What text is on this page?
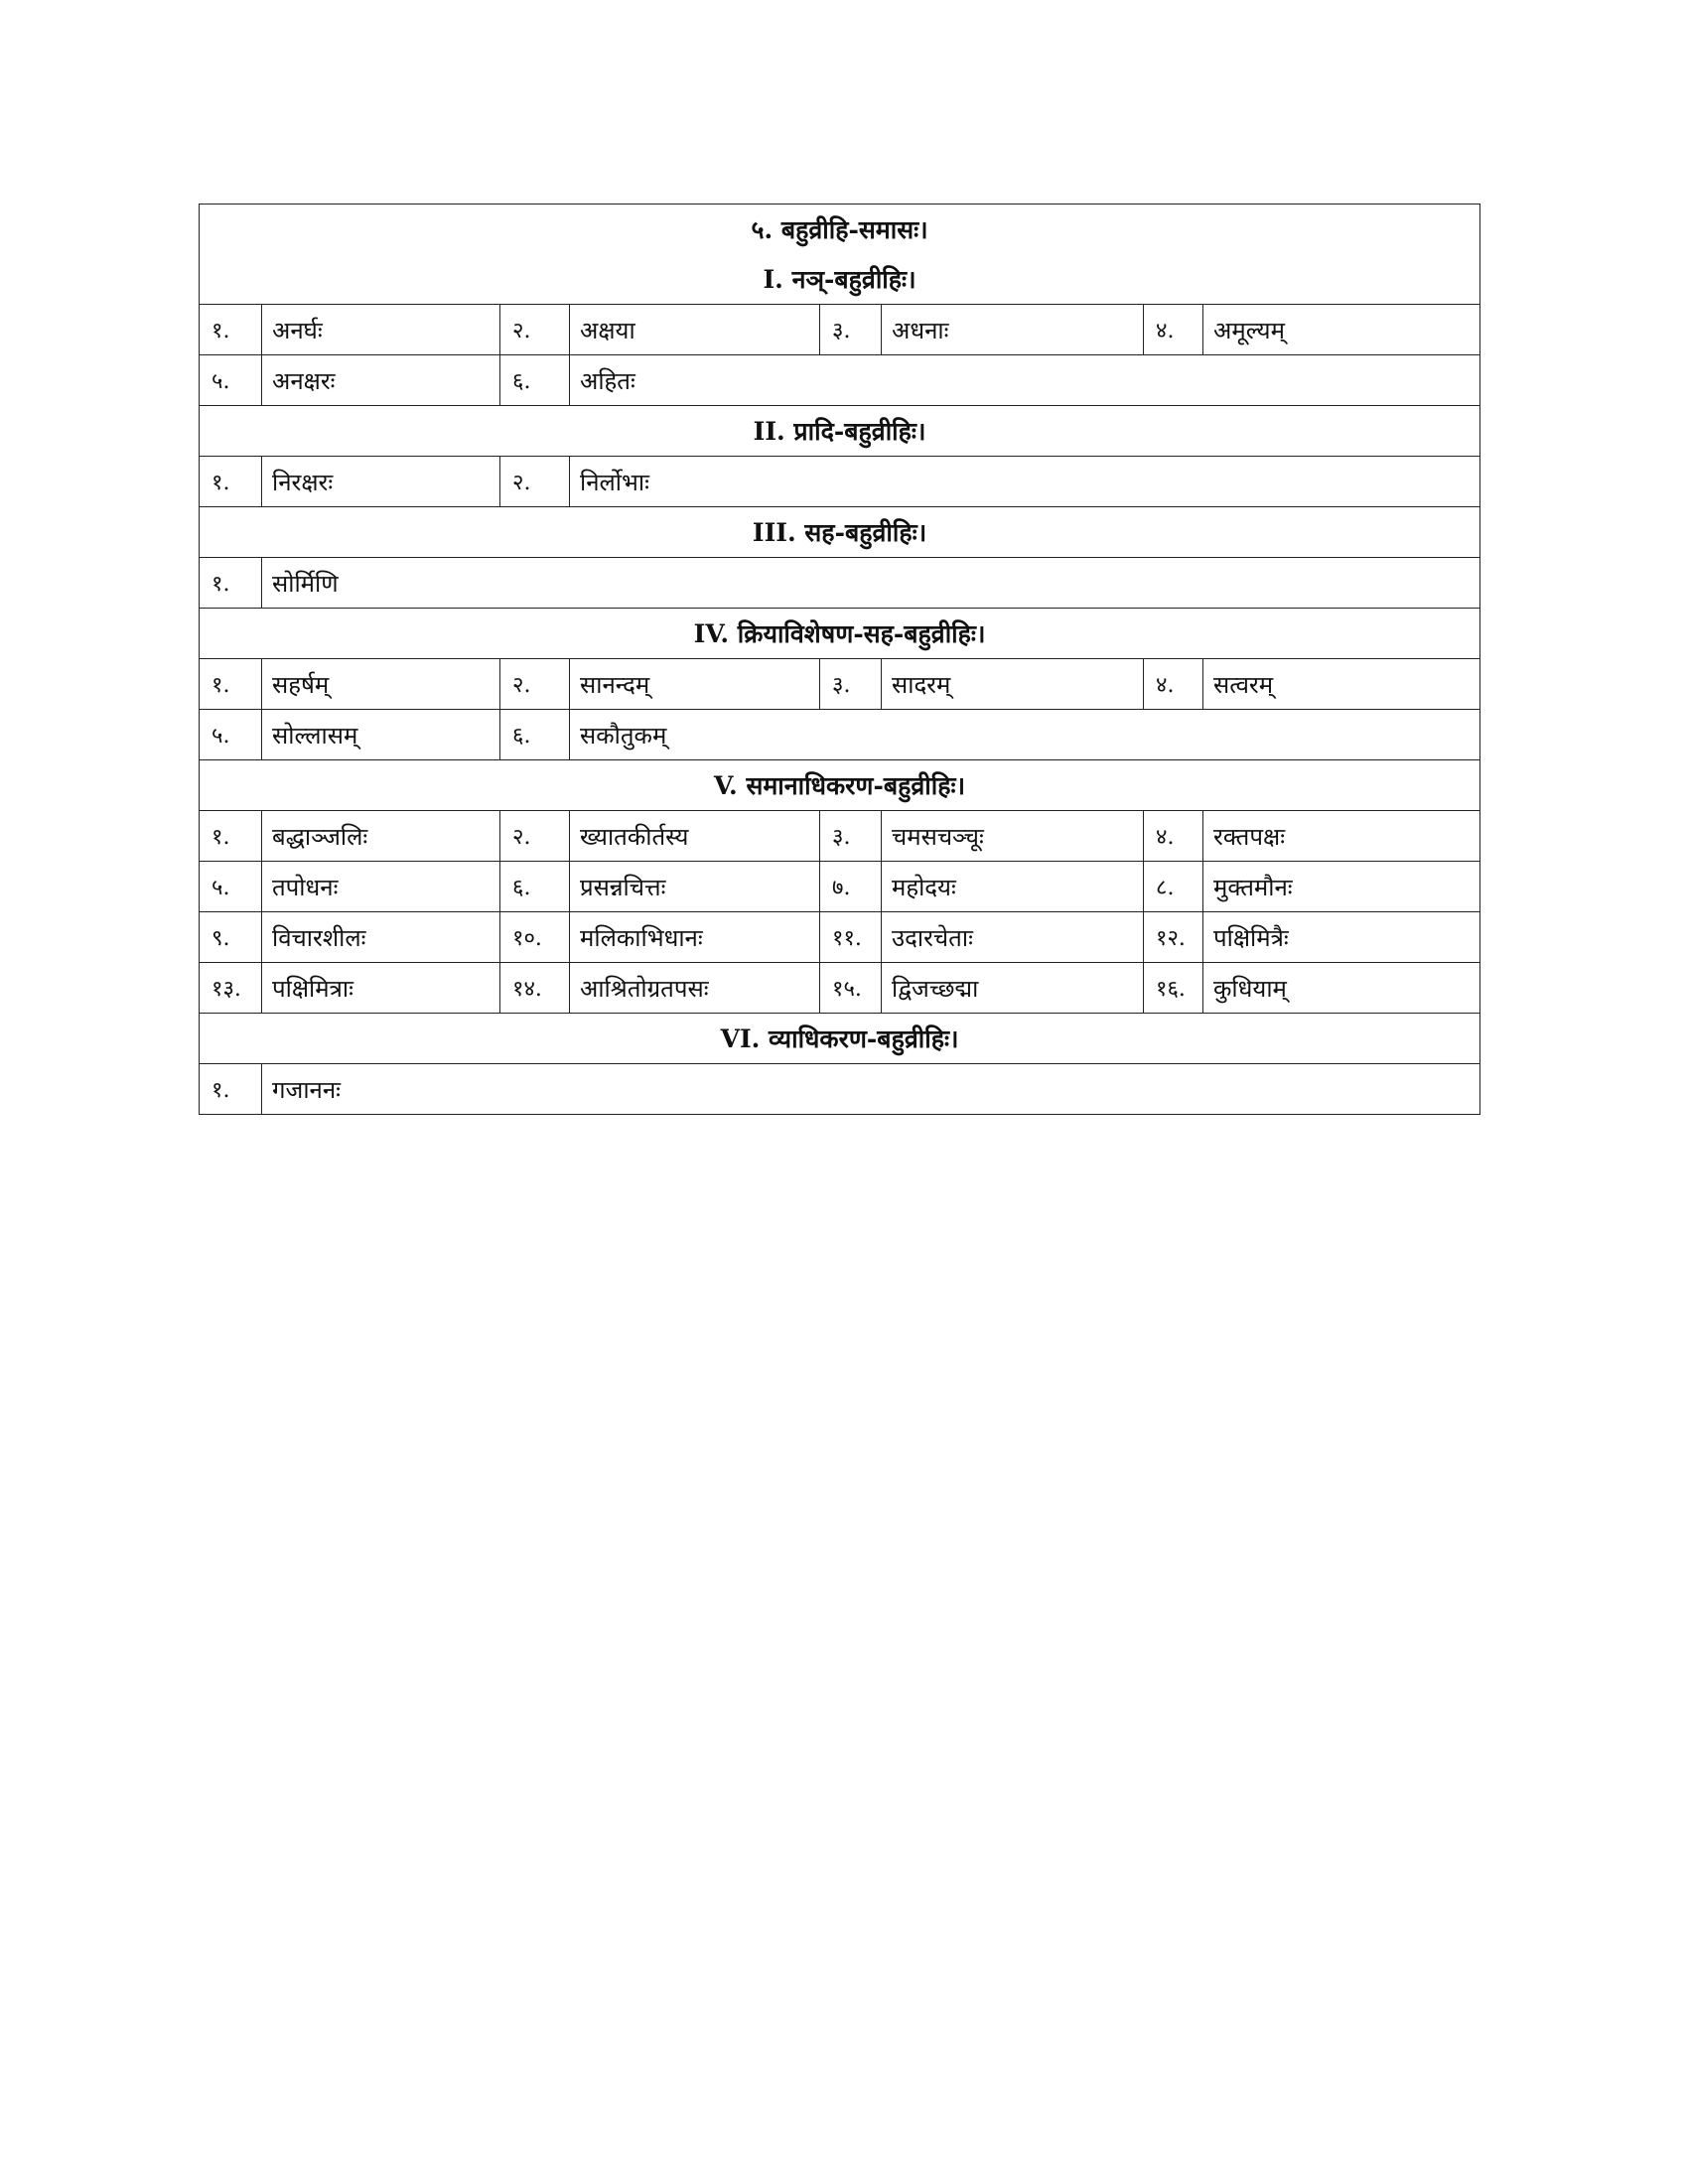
५. बहुव्रीहि-समासः।							
I. नञ्-बहुव्रीहिः।							
१.	अनर्घः	२.	अक्षया	३.	अधनाः	४.	अमूल्यम्
५.	अनक्षरः	६.	अहितः				
II. प्रादि-बहुव्रीहिः।							
१.	निरक्षरः	२.	निर्लोभाः				
III. सह-बहुव्रीहिः।							
१.	सोर्मिणि						
IV. क्रियाविशेषण-सह-बहुव्रीहिः।							
१.	सहर्षम्	२.	सानन्दम्	३.	सादरम्	४.	सत्वरम्
५.	सोल्लासम्	६.	सकौतुकम्				
V. समानाधिकरण-बहुव्रीहिः।							
१.	बद्धाञ्जलिः	२.	ख्यातकीर्तस्य	३.	चमसचञ्चूः	४.	रक्तपक्षः
५.	तपोधनः	६.	प्रसन्नचित्तः	७.	महोदयः	८.	मुक्तमौनः
९.	विचारशीलः	१०.	मलिकाभिधानः	११.	उदारचेताः	१२.	पक्षिमित्रैः
१३.	पक्षिमित्राः	१४.	आश्रितोग्रतपसः	१५.	द्विजच्छद्मा	१६.	कुधियाम्
VI. व्याधिकरण-बहुव्रीहिः।							
१.	गजाननः						
